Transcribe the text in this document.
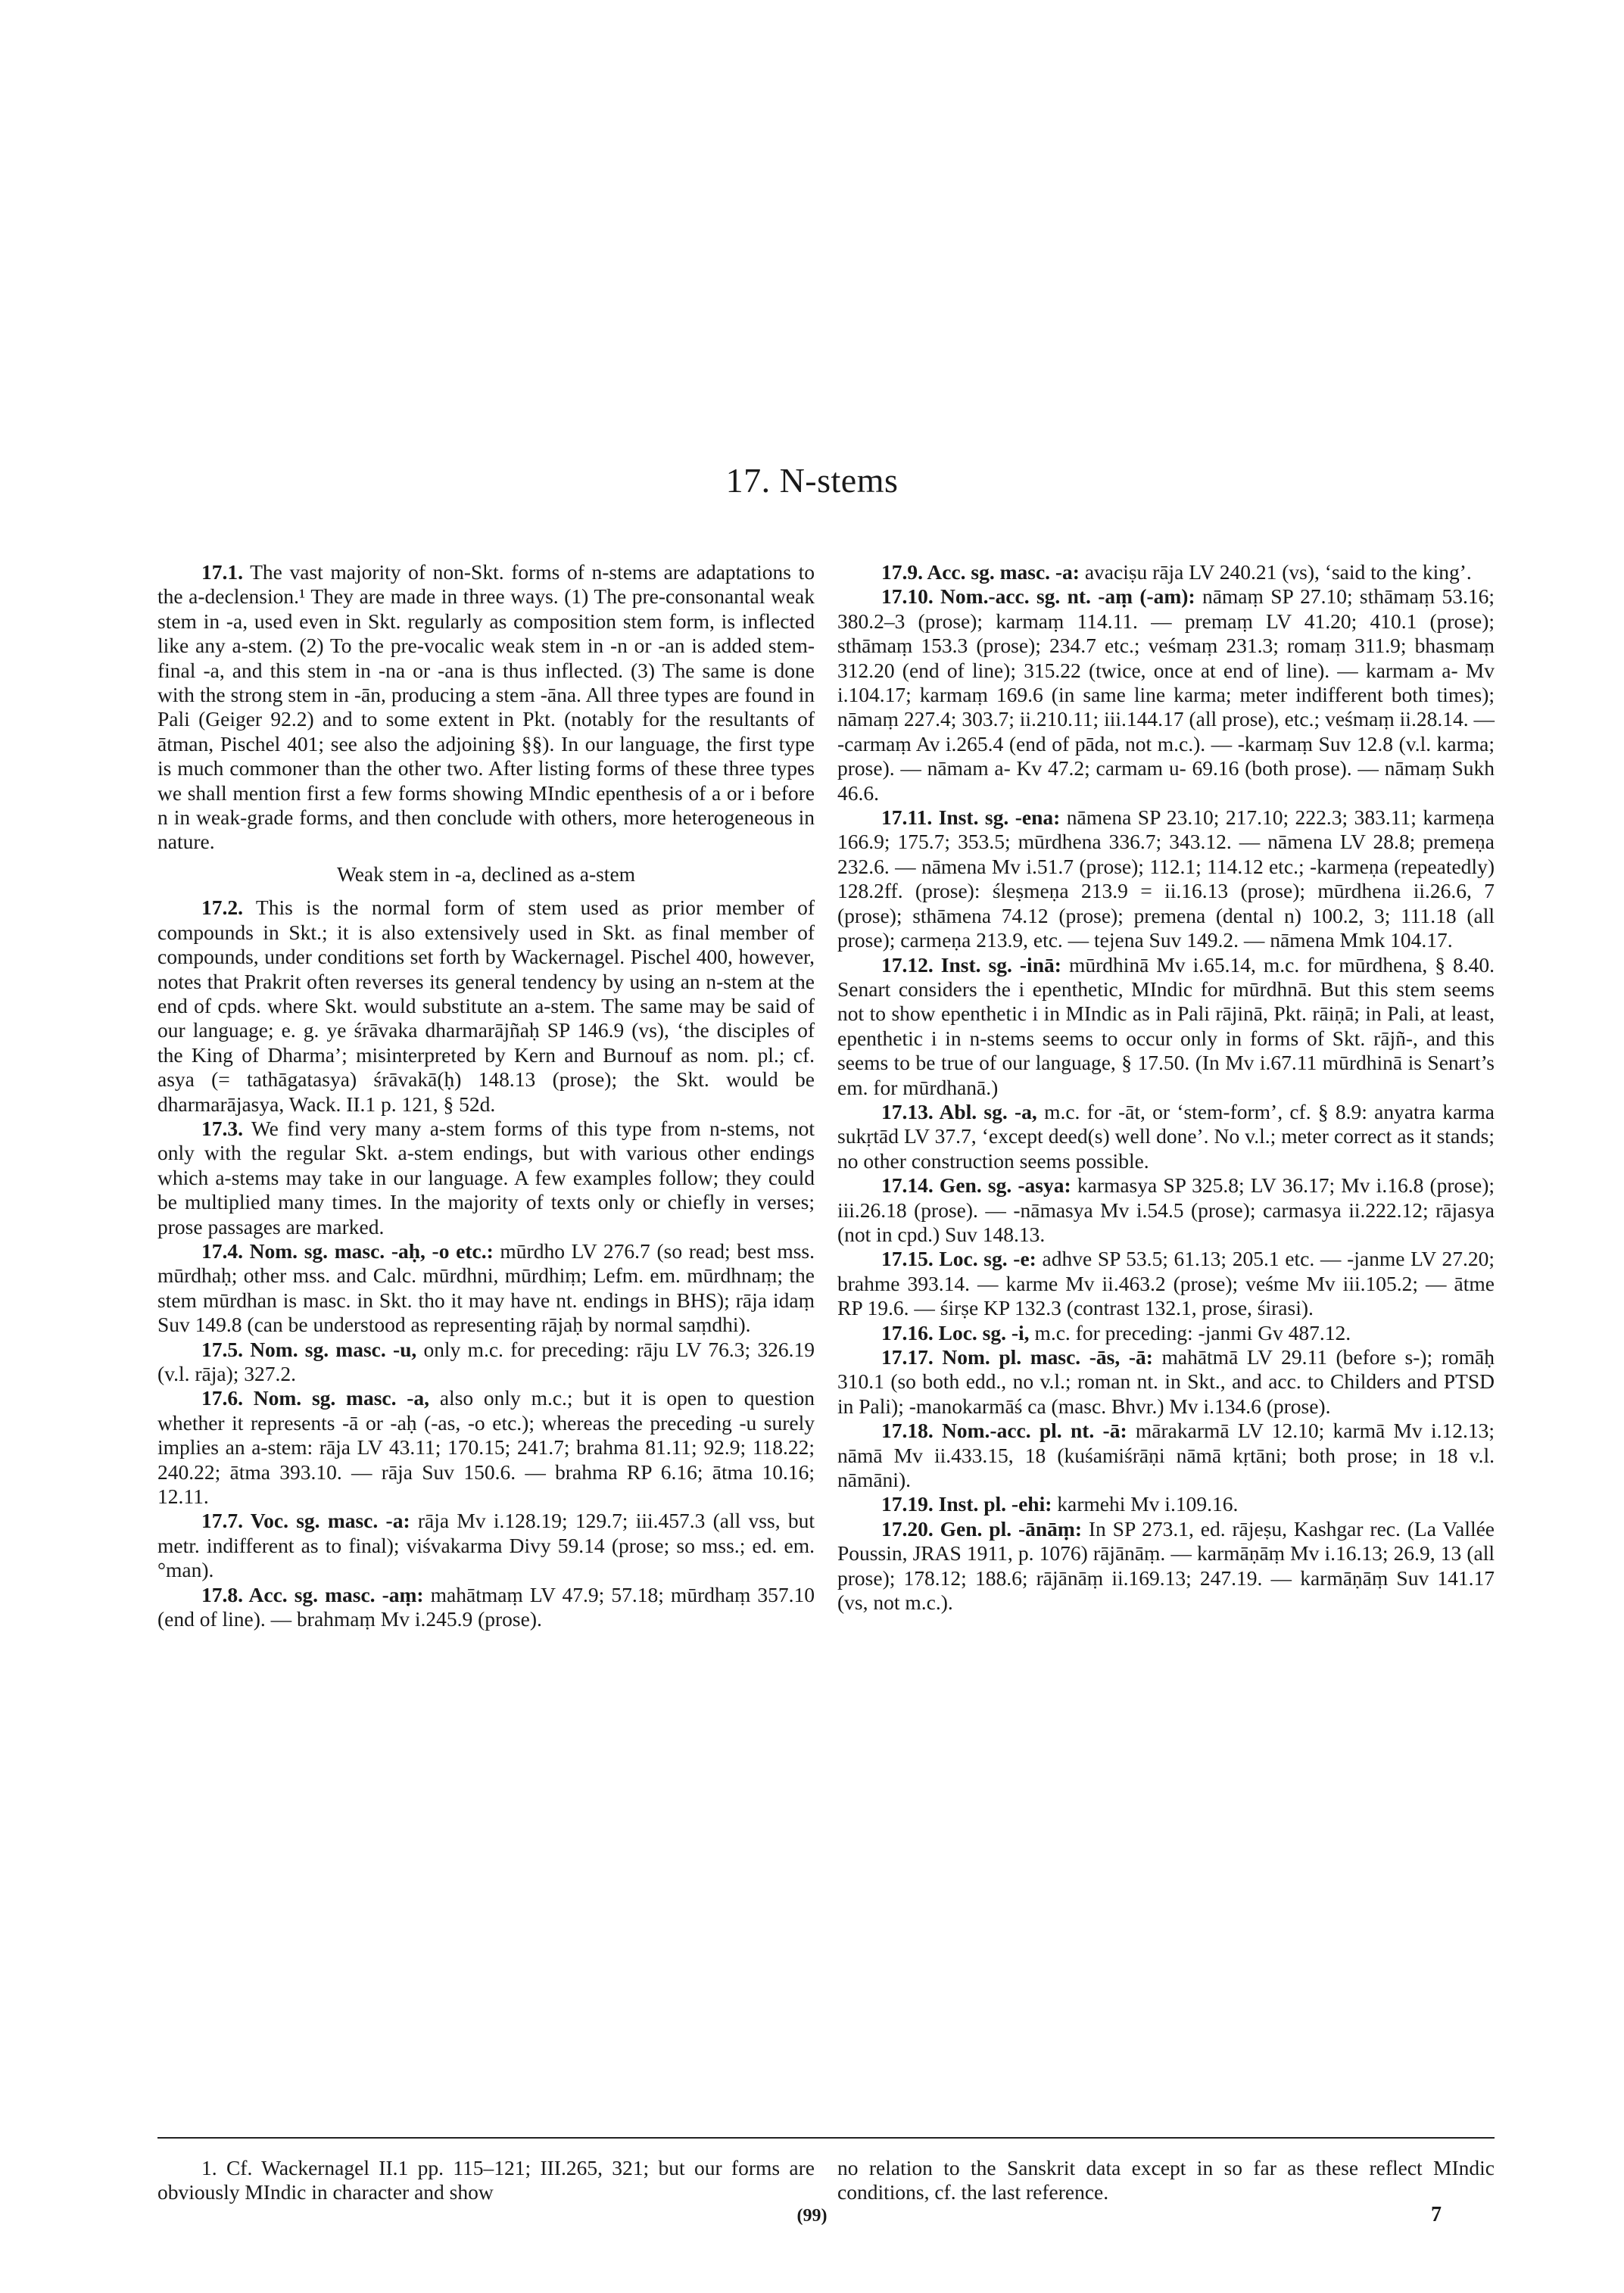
17. N-stems

17.1. The vast majority of non-Skt. forms of n-stems are adaptations to the a-declension.¹ They are made in three ways. (1) The pre-consonantal weak stem in -a, used even in Skt. regularly as composition stem form, is inflected like any a-stem. (2) To the pre-vocalic weak stem in -n or -an is added stem-final -a, and this stem in -na or -ana is thus inflected. (3) The same is done with the strong stem in -ān, producing a stem -āna. All three types are found in Pali (Geiger 92.2) and to some extent in Pkt. (notably for the resultants of ātman, Pischel 401; see also the adjoining §§). In our language, the first type is much commoner than the other two. After listing forms of these three types we shall mention first a few forms showing MIndic epenthesis of a or i before n in weak-grade forms, and then conclude with others, more heterogeneous in nature.

Weak stem in -a, declined as a-stem

17.2. This is the normal form of stem used as prior member of compounds in Skt.; it is also extensively used in Skt. as final member of compounds, under conditions set forth by Wackernagel. Pischel 400, however, notes that Prakrit often reverses its general tendency by using an n-stem at the end of cpds. where Skt. would substitute an a-stem. The same may be said of our language; e. g. ye śrāvaka dharmarājñaḥ SP 146.9 (vs), ‘the disciples of the King of Dharma’; misinterpreted by Kern and Burnouf as nom. pl.; cf. asya (= tathāgatasya) śrāvakā(ḥ) 148.13 (prose); the Skt. would be dharmarājasya, Wack. II.1 p. 121, § 52d.

17.3. We find very many a-stem forms of this type from n-stems, not only with the regular Skt. a-stem endings, but with various other endings which a-stems may take in our language. A few examples follow; they could be multiplied many times. In the majority of texts only or chiefly in verses; prose passages are marked.

17.4. Nom. sg. masc. -aḥ, -o etc.: mūrdho LV 276.7 (so read; best mss. mūrdhaḥ; other mss. and Calc. mūrdhni, mūrdhiṃ; Lefm. em. mūrdhnaṃ; the stem mūrdhan is masc. in Skt. tho it may have nt. endings in BHS); rāja idaṃ Suv 149.8 (can be understood as representing rājaḥ by normal saṃdhi).

17.5. Nom. sg. masc. -u, only m.c. for preceding: rāju LV 76.3; 326.19 (v.l. rāja); 327.2.

17.6. Nom. sg. masc. -a, also only m.c.; but it is open to question whether it represents -ā or -aḥ (-as, -o etc.); whereas the preceding -u surely implies an a-stem: rāja LV 43.11; 170.15; 241.7; brahma 81.11; 92.9; 118.22; 240.22; ātma 393.10. — rāja Suv 150.6. — brahma RP 6.16; ātma 10.16; 12.11.

17.7. Voc. sg. masc. -a: rāja Mv i.128.19; 129.7; iii.457.3 (all vss, but metr. indifferent as to final); viśvakarma Divy 59.14 (prose; so mss.; ed. em. °man).

17.8. Acc. sg. masc. -aṃ: mahātmaṃ LV 47.9; 57.18; mūrdhaṃ 357.10 (end of line). — brahmaṃ Mv i.245.9 (prose).

17.9. Acc. sg. masc. -a: avaciṣu rāja LV 240.21 (vs), ‘said to the king’.

17.10. Nom.-acc. sg. nt. -aṃ (-am): nāmaṃ SP 27.10; sthāmaṃ 53.16; 380.2–3 (prose); karmaṃ 114.11. — premaṃ LV 41.20; 410.1 (prose); sthāmaṃ 153.3 (prose); 234.7 etc.; veśmaṃ 231.3; romaṃ 311.9; bhasmaṃ 312.20 (end of line); 315.22 (twice, once at end of line). — karmam a- Mv i.104.17; karmaṃ 169.6 (in same line karma; meter indifferent both times); nāmaṃ 227.4; 303.7; ii.210.11; iii.144.17 (all prose), etc.; veśmaṃ ii.28.14. — -carmaṃ Av i.265.4 (end of pāda, not m.c.). — -karmaṃ Suv 12.8 (v.l. karma; prose). — nāmam a- Kv 47.2; carmam u- 69.16 (both prose). — nāmaṃ Sukh 46.6.

17.11. Inst. sg. -ena: nāmena SP 23.10; 217.10; 222.3; 383.11; karmeṇa 166.9; 175.7; 353.5; mūrdhena 336.7; 343.12. — nāmena LV 28.8; premeṇa 232.6. — nāmena Mv i.51.7 (prose); 112.1; 114.12 etc.; -karmeṇa (repeatedly) 128.2ff. (prose): śleṣmeṇa 213.9 = ii.16.13 (prose); mūrdhena ii.26.6, 7 (prose); sthāmena 74.12 (prose); premena (dental n) 100.2, 3; 111.18 (all prose); carmeṇa 213.9, etc. — tejena Suv 149.2. — nāmena Mmk 104.17.

17.12. Inst. sg. -inā: mūrdhinā Mv i.65.14, m.c. for mūrdhena, § 8.40. Senart considers the i epenthetic, MIndic for mūrdhnā. But this stem seems not to show epenthetic i in MIndic as in Pali rājinā, Pkt. rāiṇā; in Pali, at least, epenthetic i in n-stems seems to occur only in forms of Skt. rājñ-, and this seems to be true of our language, § 17.50. (In Mv i.67.11 mūrdhinā is Senart’s em. for mūrdhanā.)

17.13. Abl. sg. -a, m.c. for -āt, or ‘stem-form’, cf. § 8.9: anyatra karma sukṛtād LV 37.7, ‘except deed(s) well done’. No v.l.; meter correct as it stands; no other construction seems possible.

17.14. Gen. sg. -asya: karmasya SP 325.8; LV 36.17; Mv i.16.8 (prose); iii.26.18 (prose). — -nāmasya Mv i.54.5 (prose); carmasya ii.222.12; rājasya (not in cpd.) Suv 148.13.

17.15. Loc. sg. -e: adhve SP 53.5; 61.13; 205.1 etc. — -janme LV 27.20; brahme 393.14. — karme Mv ii.463.2 (prose); veśme Mv iii.105.2; — ātme RP 19.6. — śirṣe KP 132.3 (contrast 132.1, prose, śirasi).

17.16. Loc. sg. -i, m.c. for preceding: -janmi Gv 487.12.

17.17. Nom. pl. masc. -ās, -ā: mahātmā LV 29.11 (before s-); romāḥ 310.1 (so both edd., no v.l.; roman nt. in Skt., and acc. to Childers and PTSD in Pali); -manokarmāś ca (masc. Bhvr.) Mv i.134.6 (prose).

17.18. Nom.-acc. pl. nt. -ā: mārakarmā LV 12.10; karmā Mv i.12.13; nāmā Mv ii.433.15, 18 (kuśamiśrāṇi nāmā kṛtāni; both prose; in 18 v.l. nāmāni).

17.19. Inst. pl. -ehi: karmehi Mv i.109.16.

17.20. Gen. pl. -ānāṃ: In SP 273.1, ed. rājeṣu, Kashgar rec. (La Vallée Poussin, JRAS 1911, p. 1076) rājānāṃ. — karmāṇāṃ Mv i.16.13; 26.9, 13 (all prose); 178.12; 188.6; rājānāṃ ii.169.13; 247.19. — karmāṇāṃ Suv 141.17 (vs, not m.c.).

1. Cf. Wackernagel II.1 pp. 115–121; III.265, 321; but our forms are obviously MIndic in character and show

no relation to the Sanskrit data except in so far as these reflect MIndic conditions, cf. the last reference.

(99)	7
